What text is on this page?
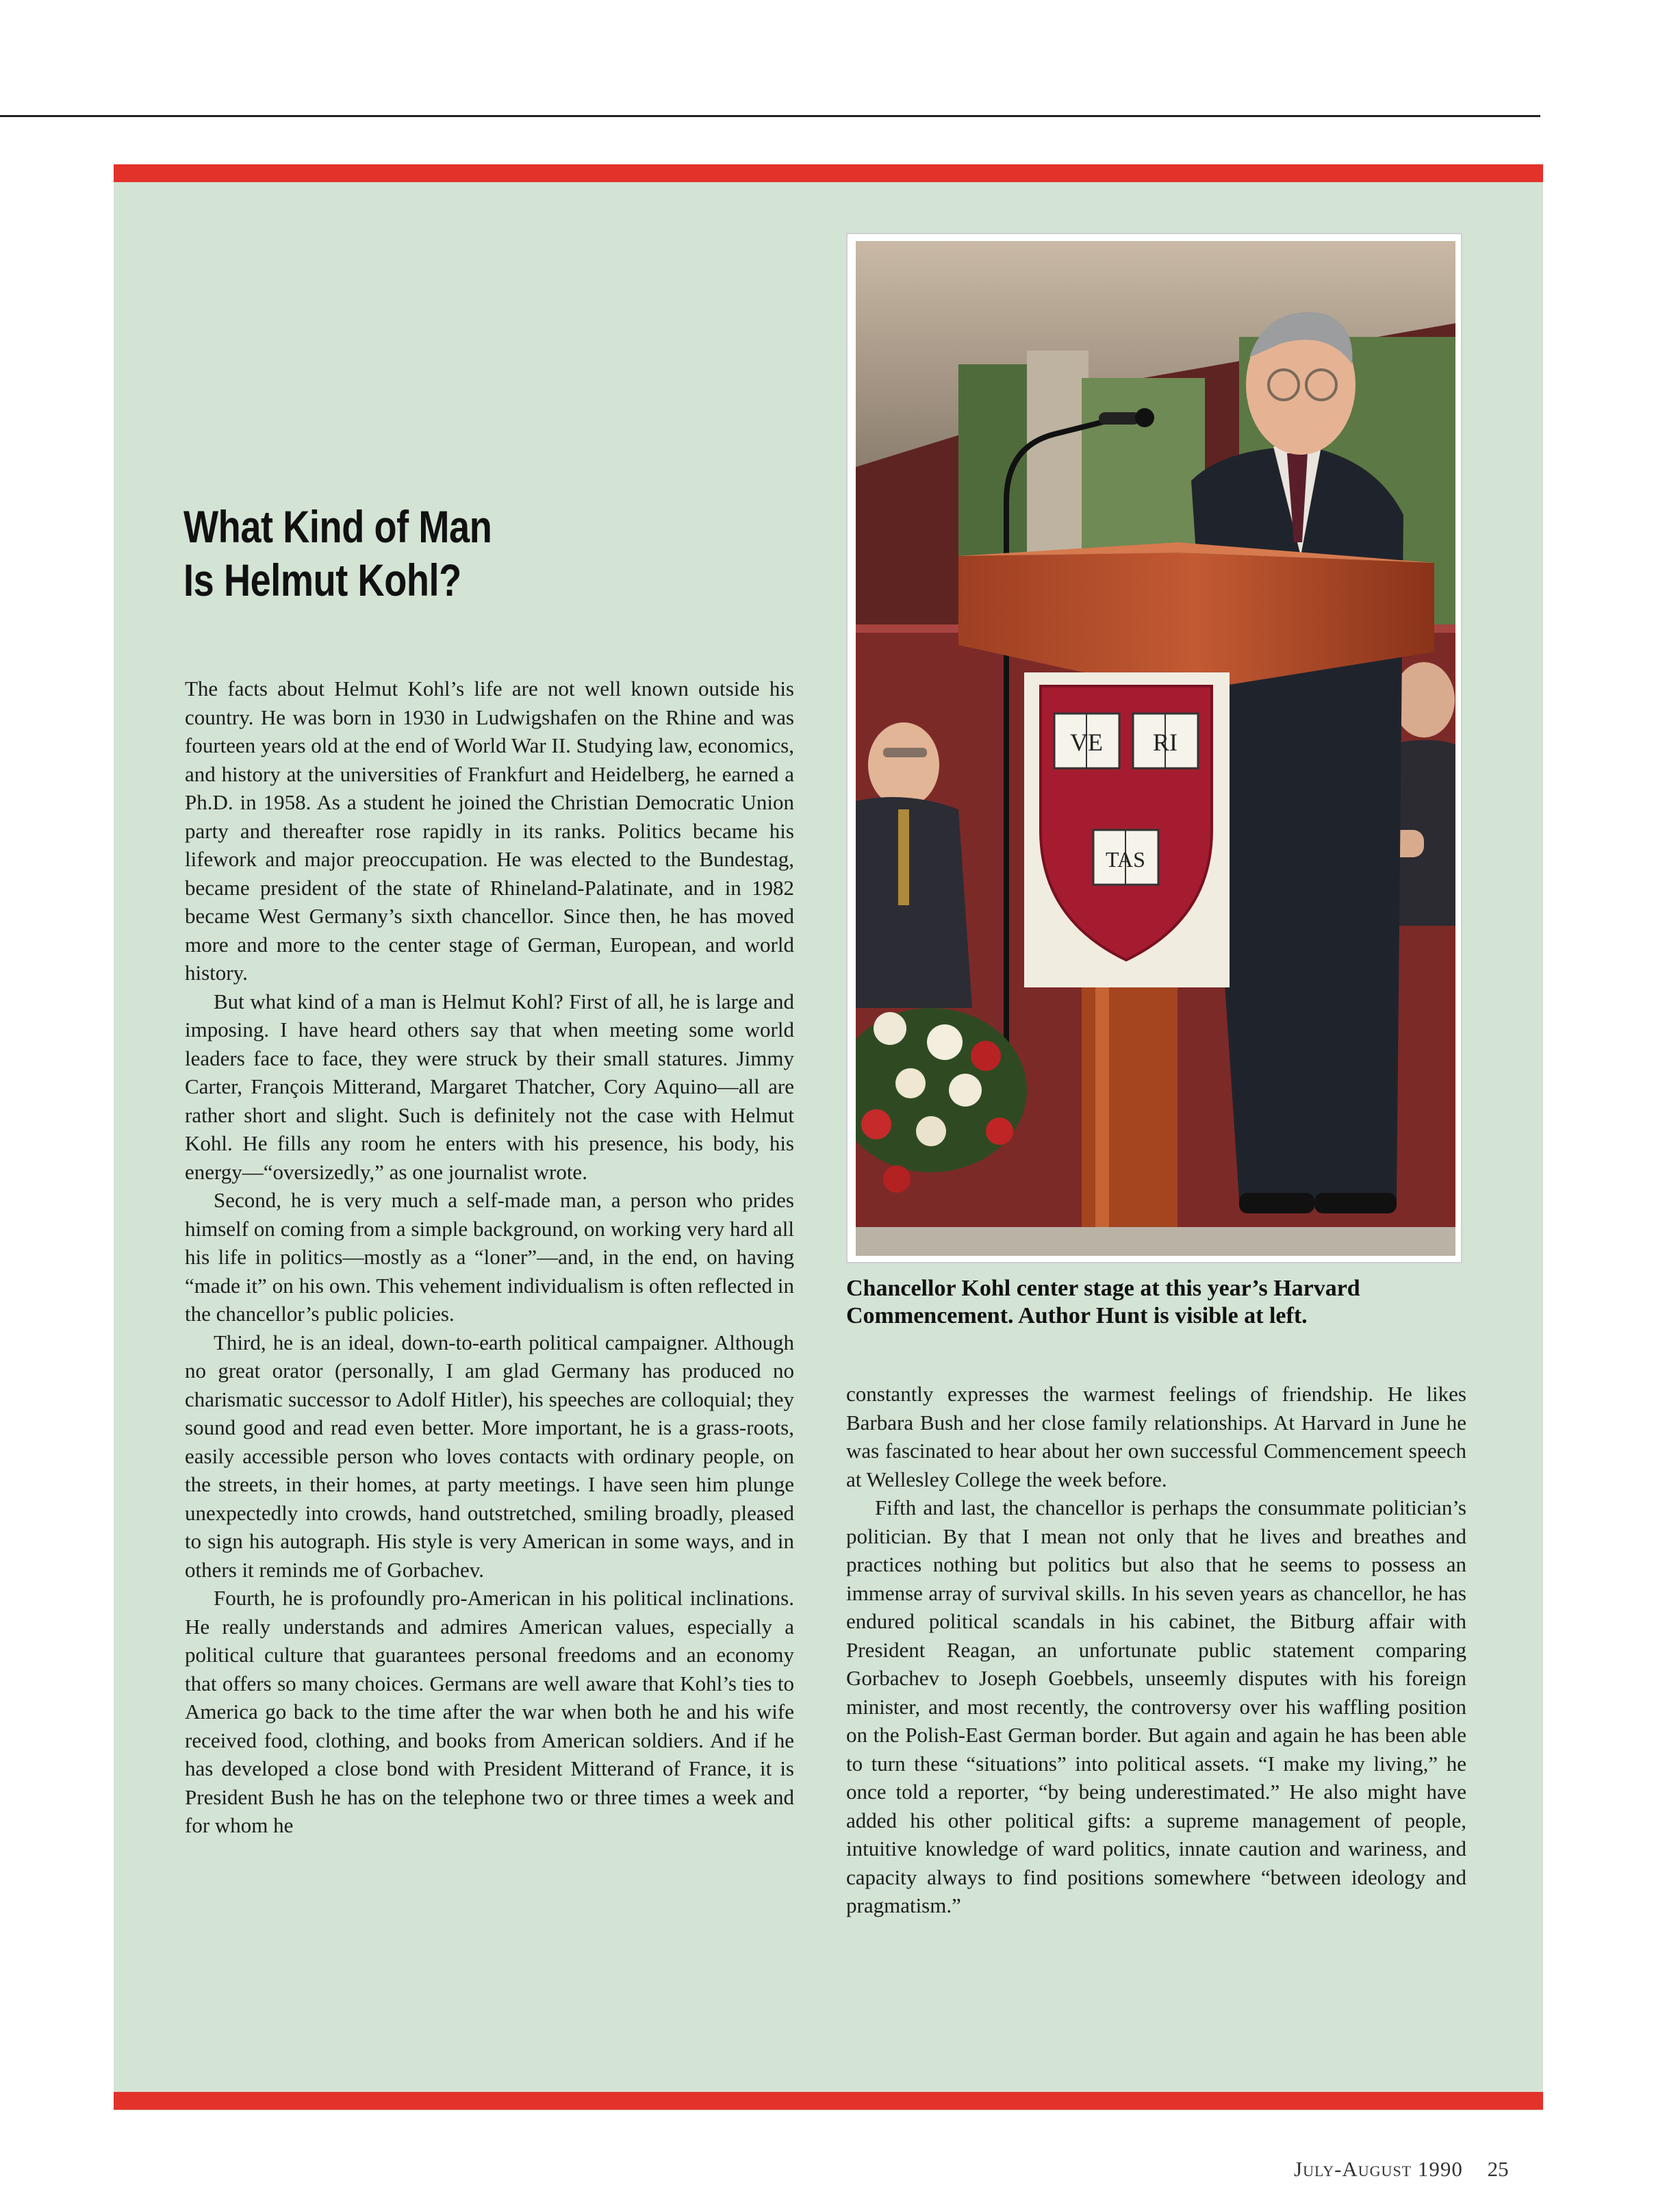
What Kind of Man
Is Helmut Kohl?

The facts about Helmut Kohl’s life are not well known outside his country. He was born in 1930 in Ludwigshafen on the Rhine and was fourteen years old at the end of World War II. Studying law, economics, and history at the universities of Frankfurt and Heidelberg, he earned a Ph.D. in 1958. As a student he joined the Christian Democratic Union party and thereafter rose rapidly in its ranks. Politics became his lifework and major preoccupation. He was elected to the Bundestag, became president of the state of Rhineland-Palatinate, and in 1982 became West Germany’s sixth chancellor. Since then, he has moved more and more to the center stage of German, European, and world history.

But what kind of a man is Helmut Kohl? First of all, he is large and imposing. I have heard others say that when meeting some world leaders face to face, they were struck by their small statures. Jimmy Carter, François Mitterand, Margaret Thatcher, Cory Aquino—all are rather short and slight. Such is definitely not the case with Helmut Kohl. He fills any room he enters with his presence, his body, his energy—“oversizedly,” as one journalist wrote.

Second, he is very much a self-made man, a person who prides himself on coming from a simple background, on working very hard all his life in politics—mostly as a “loner”—and, in the end, on having “made it” on his own. This vehement individualism is often reflected in the chancellor’s public policies.

Third, he is an ideal, down-to-earth political campaigner. Although no great orator (personally, I am glad Germany has produced no charismatic successor to Adolf Hitler), his speeches are colloquial; they sound good and read even better. More important, he is a grass-roots, easily accessible person who loves contacts with ordinary people, on the streets, in their homes, at party meetings. I have seen him plunge unexpectedly into crowds, hand outstretched, smiling broadly, pleased to sign his autograph. His style is very American in some ways, and in others it reminds me of Gorbachev.

Fourth, he is profoundly pro-American in his political inclinations. He really understands and admires American values, especially a political culture that guarantees personal freedoms and an economy that offers so many choices. Germans are well aware that Kohl’s ties to America go back to the time after the war when both he and his wife received food, clothing, and books from American soldiers. And if he has developed a close bond with President Mitterand of France, it is President Bush he has on the telephone two or three times a week and for whom he

VE RI
TAS
Chancellor Kohl center stage at this year’s Harvard
Commencement. Author Hunt is visible at left.

constantly expresses the warmest feelings of friendship. He likes Barbara Bush and her close family relationships. At Harvard in June he was fascinated to hear about her own successful Commencement speech at Wellesley College the week before.

Fifth and last, the chancellor is perhaps the consummate politician’s politician. By that I mean not only that he lives and breathes and practices nothing but politics but also that he seems to possess an immense array of survival skills. In his seven years as chancellor, he has endured political scandals in his cabinet, the Bitburg affair with President Reagan, an unfortunate public statement comparing Gorbachev to Joseph Goebbels, unseemly disputes with his foreign minister, and most recently, the controversy over his waffling position on the Polish-East German border. But again and again he has been able to turn these “situations” into political assets. “I make my living,” he once told a reporter, “by being underestimated.” He also might have added his other political gifts: a supreme management of people, intuitive knowledge of ward politics, innate caution and wariness, and capacity always to find positions somewhere “between ideology and pragmatism.”

July-August 1990 25
